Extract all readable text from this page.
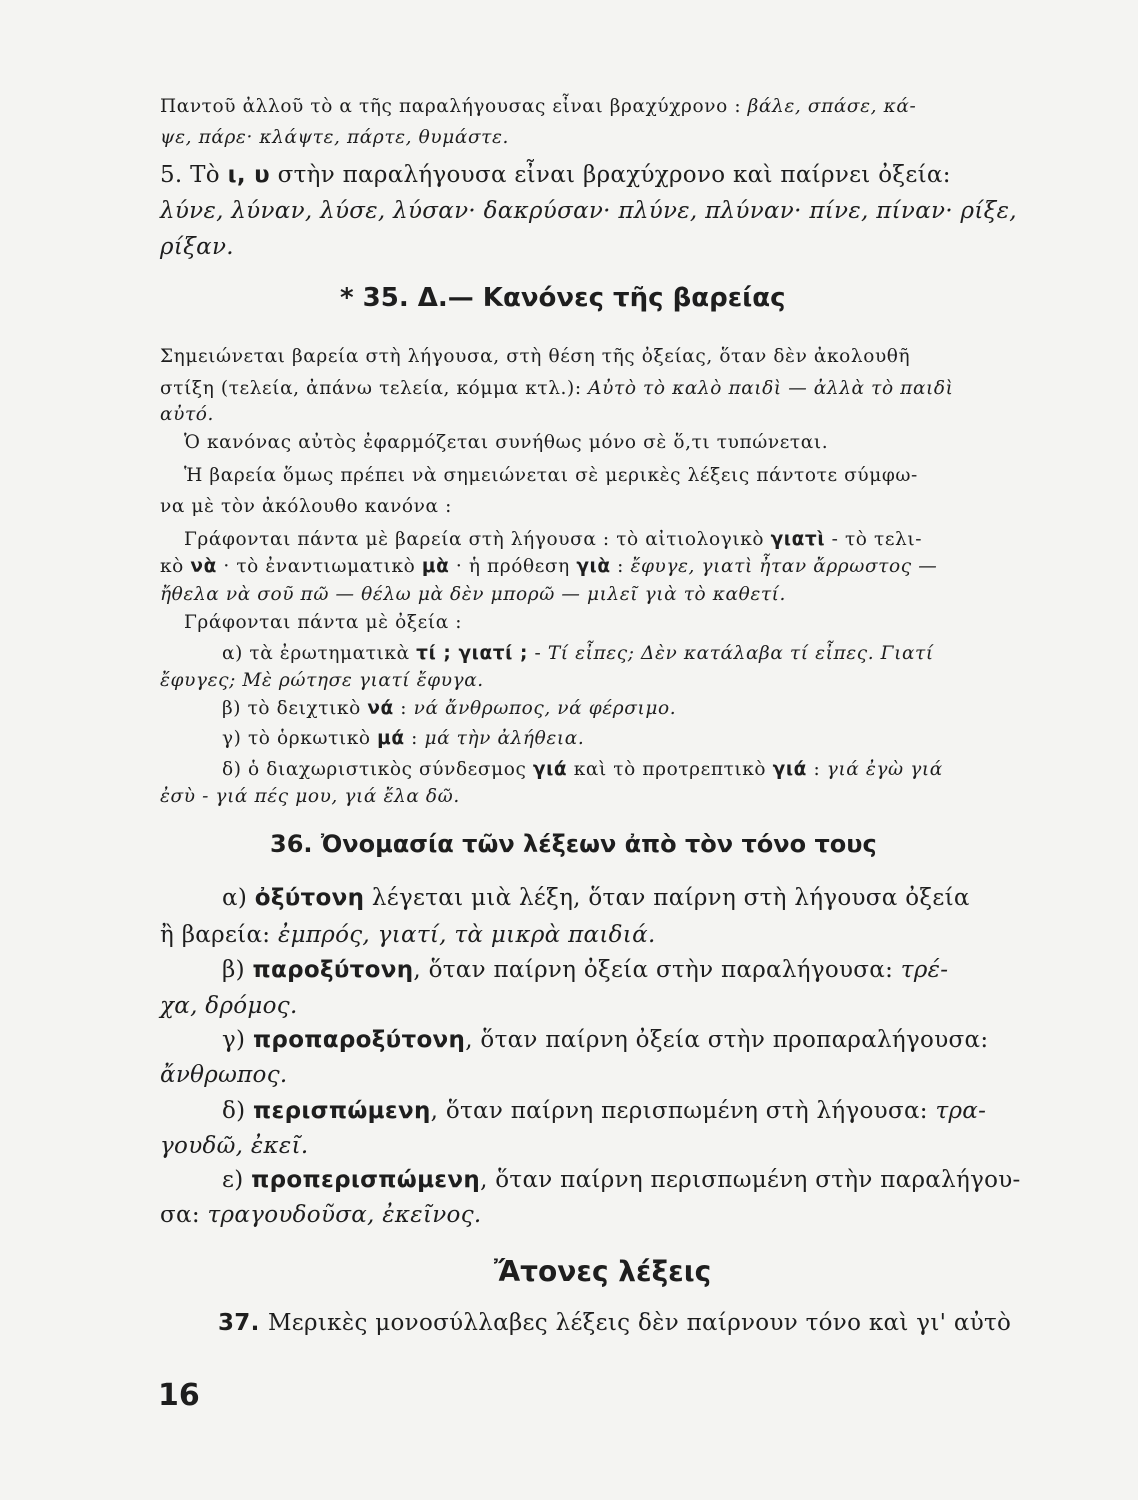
Παντοῦ ἀλλοῦ τὸ α τῆς παραλήγουσας εἶναι βραχύχρονο : βάλε, σπάσε, κά-
ψε, πάρε· κλάψτε, πάρτε, θυμάστε.
5. Τὸ ι, υ στὴν παραλήγουσα εἶναι βραχύχρονο καὶ παίρνει ὀξεία:
λύνε, λύναν, λύσε, λύσαν· δακρύσαν· πλύνε, πλύναν· πίνε, πίναν· ρίξε,
ρίξαν.
* 35. Δ.— Κανόνες τῆς βαρείας
Σημειώνεται βαρεία στὴ λήγουσα, στὴ θέση τῆς ὀξείας, ὅταν δὲν ἀκολουθῆ
στίξη (τελεία, ἀπάνω τελεία, κόμμα κτλ.): Αὐτὸ τὸ καλὸ παιδὶ — ἀλλὰ τὸ παιδὶ
αὐτό.
Ὁ κανόνας αὐτὸς ἐφαρμόζεται συνήθως μόνο σὲ ὅ,τι τυπώνεται.
Ἡ βαρεία ὅμως πρέπει νὰ σημειώνεται σὲ μερικὲς λέξεις πάντοτε σύμφω-
να μὲ τὸν ἀκόλουθο κανόνα :
Γράφονται πάντα μὲ βαρεία στὴ λήγουσα : τὸ αἰτιολογικὸ γιατὶ - τὸ τελι-
κὸ νὰ · τὸ ἐναντιωματικὸ μὰ · ἡ πρόθεση γιὰ : ἔφυγε, γιατὶ ἦταν ἄρρωστος —
ἤθελα νὰ σοῦ πῶ — θέλω μὰ δὲν μπορῶ — μιλεῖ γιὰ τὸ καθετί.
Γράφονται πάντα μὲ ὀξεία :
α) τὰ ἐρωτηματικὰ τί ; γιατί ; - Τί εἶπες; Δὲν κατάλαβα τί εἶπες. Γιατί
ἔφυγες; Μὲ ρώτησε γιατί ἔφυγα.
β) τὸ δειχτικὸ νά : νά ἄνθρωπος, νά φέρσιμο.
γ) τὸ ὁρκωτικὸ μά : μά τὴν ἀλήθεια.
δ) ὁ διαχωριστικὸς σύνδεσμος γιά καὶ τὸ προτρεπτικὸ γιά : γιά ἐγὼ γιά
ἐσὺ - γιά πές μου, γιά ἔλα δῶ.
36. Ὀνομασία τῶν λέξεων ἀπὸ τὸν τόνο τους
α) ὀξύτονη λέγεται μιὰ λέξη, ὅταν παίρνη στὴ λήγουσα ὀξεία
ἢ βαρεία: ἐμπρός, γιατί, τὰ μικρὰ παιδιά.
β) παροξύτονη, ὅταν παίρνη ὀξεία στὴν παραλήγουσα: τρέ-
χα, δρόμος.
γ) προπαροξύτονη, ὅταν παίρνη ὀξεία στὴν προπαραλήγουσα:
ἄνθρωπος.
δ) περισπώμενη, ὅταν παίρνη περισπωμένη στὴ λήγουσα: τρα-
γουδῶ, ἐκεῖ.
ε) προπερισπώμενη, ὅταν παίρνη περισπωμένη στὴν παραλήγου-
σα: τραγουδοῦσα, ἐκεῖνος.
Ἄτονες λέξεις
37. Μερικὲς μονοσύλλαβες λέξεις δὲν παίρνουν τόνο καὶ γι' αὐτὸ
16
